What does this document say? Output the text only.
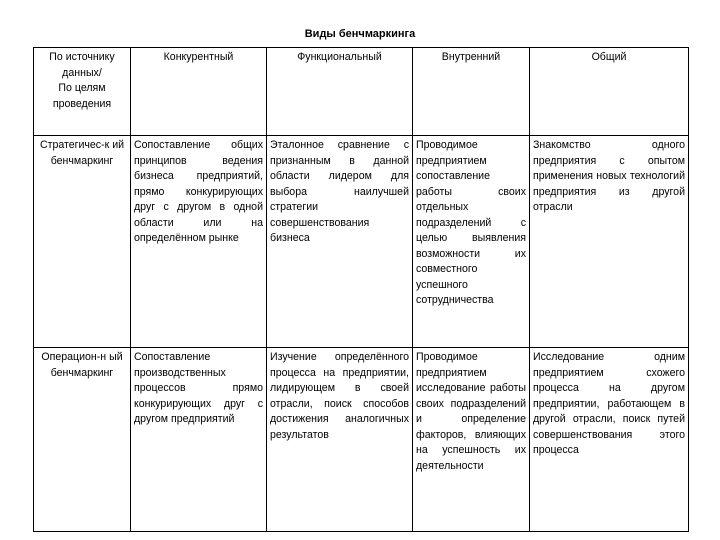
Виды бенчмаркинга
По источнику данных/
По целям проведения	Конкурентный	Функциональный	Внутренний	Общий
Стратегичес-к ий бенчмаркинг	Сопоставление общих принципов ведения бизнеса предприятий, прямо конкурирующих друг с другом в одной области или на определённом рынке	Эталонное сравнение с признанным в данной области лидером для выбора наилучшей стратегии совершенствования бизнеса	Проводимое предприятием сопоставление работы своих отдельных подразделений с целью выявления возможности их совместного успешного сотрудничества	Знакомство одного предприятия с опытом применения новых технологий предприятия из другой отрасли
Операцион-н ый бенчмаркинг	Сопоставление производственных процессов прямо конкурирующих друг с другом предприятий	Изучение определённого процесса на предприятии, лидирующем в своей отрасли, поиск способов достижения аналогичных результатов	Проводимое предприятием исследование работы своих подразделений и определение факторов, влияющих на успешность их деятельности	Исследование одним предприятием схожего процесса на другом предприятии, работающем в другой отрасли, поиск путей совершенствования этого процесса
